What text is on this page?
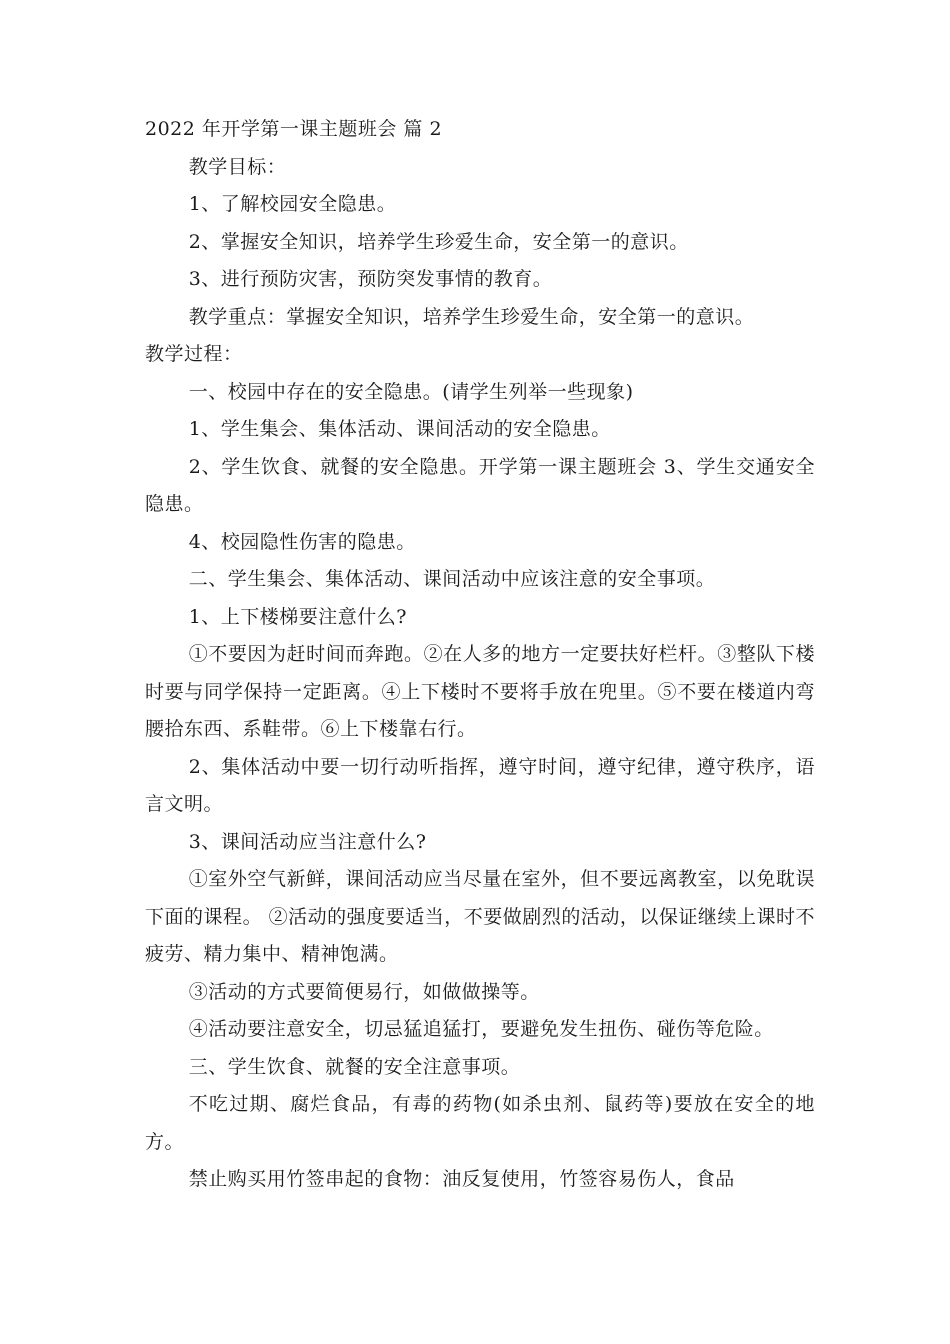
2022 年开学第一课主题班会 篇 2

教学目标：

1、了解校园安全隐患。

2、掌握安全知识，培养学生珍爱生命，安全第一的意识。

3、进行预防灾害，预防突发事情的教育。

教学重点：掌握安全知识，培养学生珍爱生命，安全第一的意识。

教学过程：

一、校园中存在的安全隐患。(请学生列举一些现象)

1、学生集会、集体活动、课间活动的安全隐患。

2、学生饮食、就餐的安全隐患。开学第一课主题班会 3、学生交通安全隐患。

4、校园隐性伤害的隐患。

二、学生集会、集体活动、课间活动中应该注意的安全事项。

1、上下楼梯要注意什么?

①不要因为赶时间而奔跑。②在人多的地方一定要扶好栏杆。③整队下楼时要与同学保持一定距离。④上下楼时不要将手放在兜里。⑤不要在楼道内弯腰拾东西、系鞋带。⑥上下楼靠右行。

2、集体活动中要一切行动听指挥，遵守时间，遵守纪律，遵守秩序，语言文明。

3、课间活动应当注意什么?

①室外空气新鲜，课间活动应当尽量在室外，但不要远离教室，以免耽误下面的课程。 ②活动的强度要适当，不要做剧烈的活动，以保证继续上课时不疲劳、精力集中、精神饱满。

③活动的方式要简便易行，如做做操等。

④活动要注意安全，切忌猛追猛打，要避免发生扭伤、碰伤等危险。

三、学生饮食、就餐的安全注意事项。

不吃过期、腐烂食品，有毒的药物(如杀虫剂、鼠药等)要放在安全的地方。

禁止购买用竹签串起的食物：油反复使用，竹签容易伤人，食品
